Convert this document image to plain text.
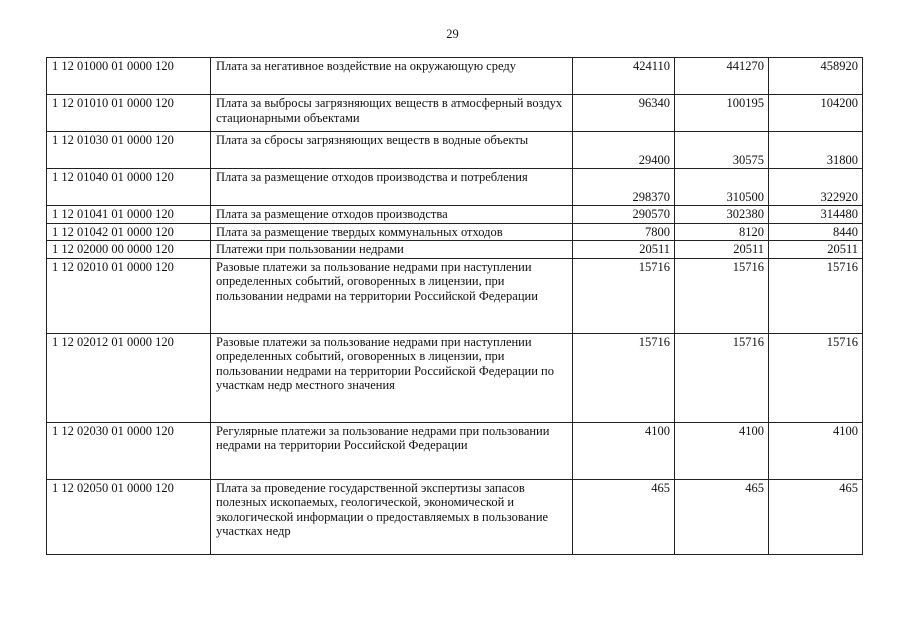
29
1 12 01000 01 0000 120	Плата за негативное воздействие на окружающую среду	424110	441270	458920
1 12 01010 01 0000 120	Плата за выбросы загрязняющих веществ в атмосферный воздух стационарными объектами	96340	100195	104200
1 12 01030 01 0000 120	Плата за сбросы загрязняющих веществ в водные объекты	29400	30575	31800
1 12 01040 01 0000 120	Плата за размещение отходов производства и потребления	298370	310500	322920
1 12 01041 01 0000 120	Плата за размещение отходов производства	290570	302380	314480
1 12 01042 01 0000 120	Плата за размещение твердых коммунальных отходов	7800	8120	8440
1 12 02000 00 0000 120	Платежи при пользовании недрами	20511	20511	20511
1 12 02010 01 0000 120	Разовые платежи за пользование недрами при наступлении определенных событий, оговоренных в лицензии, при пользовании недрами на территории Российской Федерации	15716	15716	15716
1 12 02012 01 0000 120	Разовые платежи за пользование недрами при наступлении определенных событий, оговоренных в лицензии, при пользовании недрами на территории Российской Федерации по участкам недр местного значения	15716	15716	15716
1 12 02030 01 0000 120	Регулярные платежи за пользование недрами при пользовании недрами на территории Российской Федерации	4100	4100	4100
1 12 02050 01 0000 120	Плата за проведение государственной экспертизы запасов полезных ископаемых, геологической, экономической и экологической информации о предоставляемых в пользование участках недр	465	465	465
